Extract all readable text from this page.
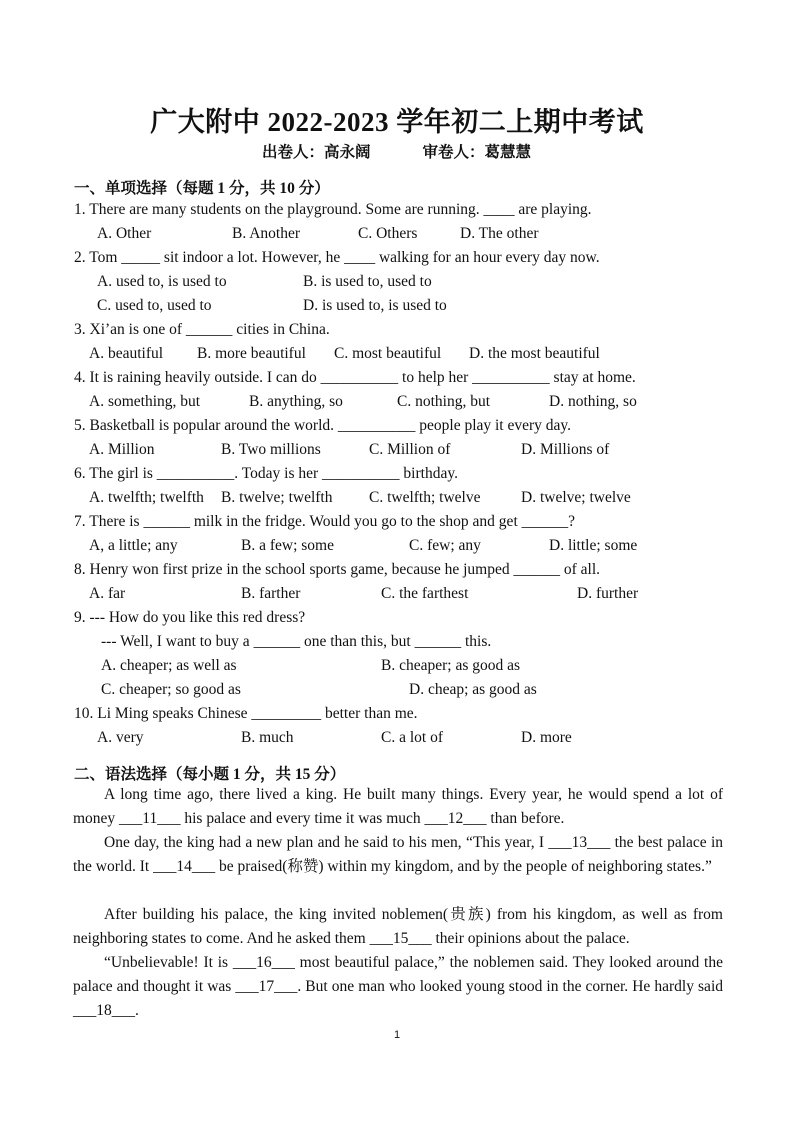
广大附中 2022-2023 学年初二上期中考试
出卷人：高永阔	审卷人：葛慧慧
一、单项选择（每题 1 分，共 10 分）
1. There are many students on the playground. Some are running. ____ are playing.
A. Other	B. Another	C. Others	D. The other
2. Tom _____ sit indoor a lot. However, he ____ walking for an hour every day now.
A. used to, is used to	B. is used to, used to
C. used to, used to	D. is used to, is used to
3. Xi’an is one of ______ cities in China.
A. beautiful B. more beautiful C. most beautiful D. the most beautiful
4. It is raining heavily outside. I can do __________ to help her __________ stay at home.
A. something, but	B. anything, so	C. nothing, but	D. nothing, so
5. Basketball is popular around the world. __________ people play it every day.
A. Million	B. Two millions	C. Million of	D. Millions of
6. The girl is __________. Today is her __________ birthday.
A. twelfth; twelfth B. twelve; twelfth C. twelfth; twelve	D. twelve; twelve
7. There is ______ milk in the fridge. Would you go to the shop and get ______?
A, a little; any	B. a few; some	C. few; any	D. little; some
8. Henry won first prize in the school sports game, because he jumped ______ of all.
A. far	B. farther	C. the farthest	D. further
9. --- How do you like this red dress?
--- Well, I want to buy a ______ one than this, but ______ this.
A. cheaper; as well as	B. cheaper; as good as
C. cheaper; so good as	D. cheap; as good as
10. Li Ming speaks Chinese _________ better than me.
A. very	B. much	C. a lot of	D. more
二、语法选择（每小题 1 分，共 15 分）
A long time ago, there lived a king. He built many things. Every year, he would spend a lot of money ___11___ his palace and every time it was much ___12___ than before.
One day, the king had a new plan and he said to his men, “This year, I ___13___ the best palace in the world. It ___14___ be praised(称赞) within my kingdom, and by the people of neighboring states.”
After building his palace, the king invited noblemen(贵族) from his kingdom, as well as from neighboring states to come. And he asked them ___15___ their opinions about the palace.
“Unbelievable! It is ___16___ most beautiful palace,” the noblemen said. They looked around the palace and thought it was ___17___. But one man who looked young stood in the corner. He hardly said ___18___.
1
